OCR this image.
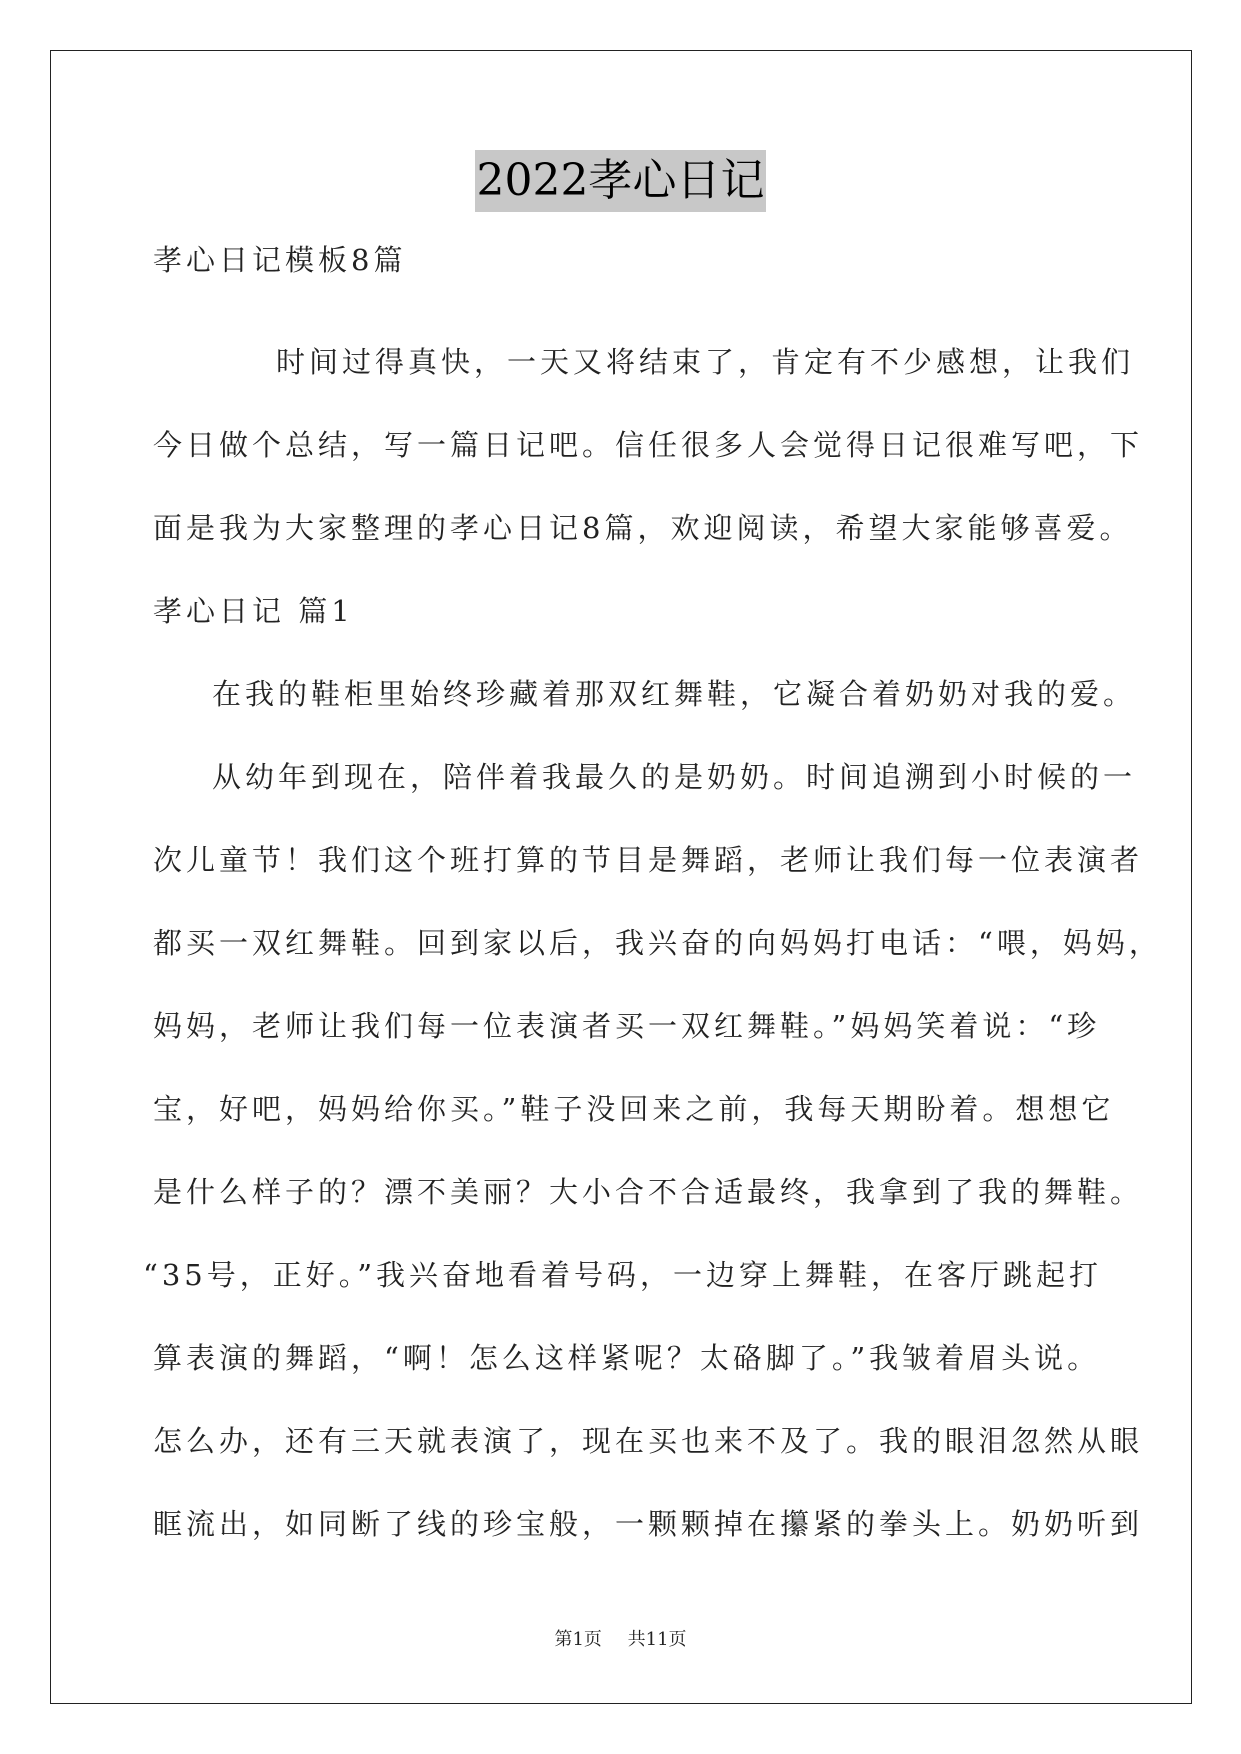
2022孝心日记
孝心日记模板8篇
时间过得真快，一天又将结束了，肯定有不少感想，让我们
今日做个总结，写一篇日记吧。信任很多人会觉得日记很难写吧，下
面是我为大家整理的孝心日记8篇，欢迎阅读，希望大家能够喜爱。
孝心日记 篇1
在我的鞋柜里始终珍藏着那双红舞鞋，它凝合着奶奶对我的爱。
从幼年到现在，陪伴着我最久的是奶奶。时间追溯到小时候的一
次儿童节！我们这个班打算的节目是舞蹈，老师让我们每一位表演者
都买一双红舞鞋。回到家以后，我兴奋的向妈妈打电话：“喂，妈妈，
妈妈，老师让我们每一位表演者买一双红舞鞋。”妈妈笑着说：“珍
宝，好吧，妈妈给你买。”鞋子没回来之前，我每天期盼着。想想它
是什么样子的？漂不美丽？大小合不合适最终，我拿到了我的舞鞋。
“35号，正好。”我兴奋地看着号码，一边穿上舞鞋，在客厅跳起打
算表演的舞蹈，“啊！怎么这样紧呢？太硌脚了。”我皱着眉头说。
怎么办，还有三天就表演了，现在买也来不及了。我的眼泪忽然从眼
眶流出，如同断了线的珍宝般，一颗颗掉在攥紧的拳头上。奶奶听到
第1页 共11页
